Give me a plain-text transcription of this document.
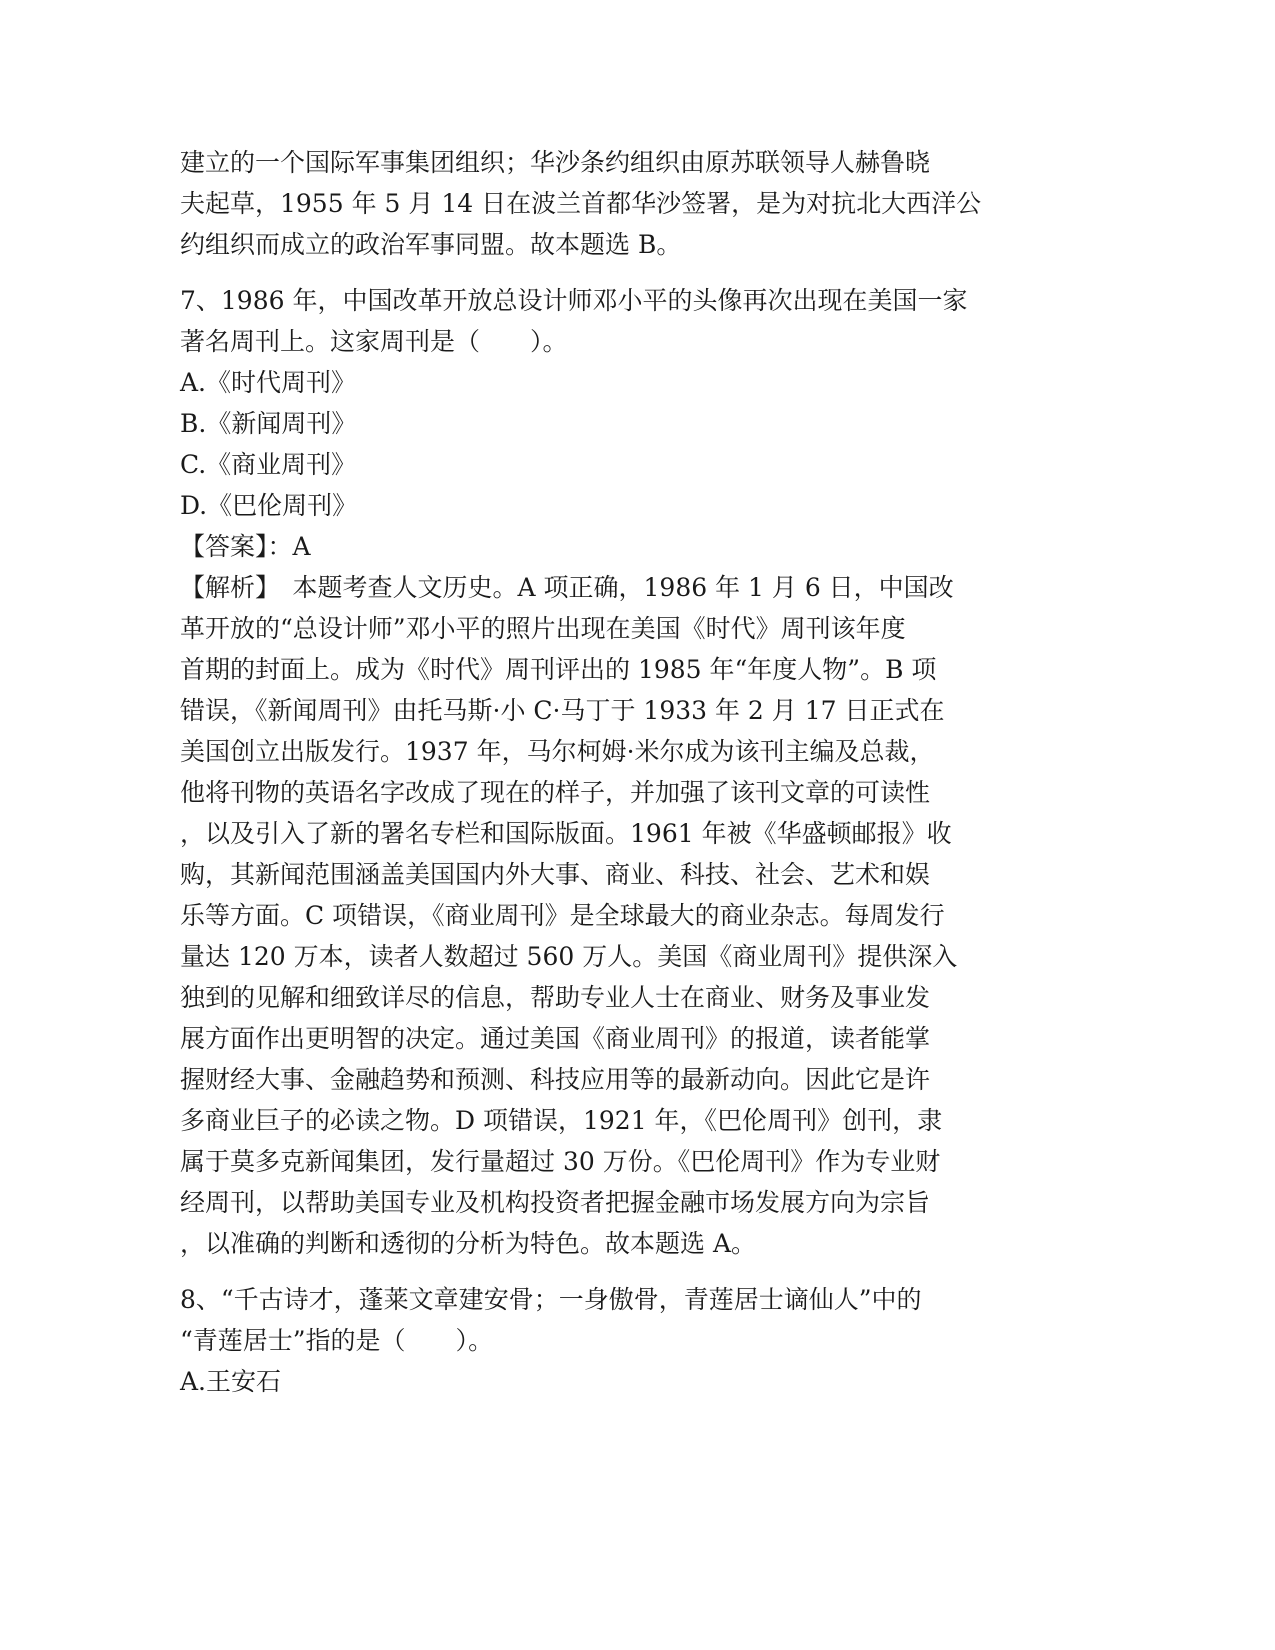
建立的一个国际军事集团组织；华沙条约组织由原苏联领导人赫鲁晓
夫起草，1955 年 5 月 14 日在波兰首都华沙签署，是为对抗北大西洋公
约组织而成立的政治军事同盟。故本题选 B。
7、1986 年，中国改革开放总设计师邓小平的头像再次出现在美国一家
著名周刊上。这家周刊是（　　）。
A.《时代周刊》
B.《新闻周刊》
C.《商业周刊》
D.《巴伦周刊》
【答案】：A
【解析】　本题考查人文历史。A 项正确，1986 年 1 月 6 日，中国改
革开放的“总设计师”邓小平的照片出现在美国《时代》周刊该年度
首期的封面上。成为《时代》周刊评出的 1985 年“年度人物”。B 项
错误，《新闻周刊》由托马斯·小 C·马丁于 1933 年 2 月 17 日正式在
美国创立出版发行。1937 年，马尔柯姆·米尔成为该刊主编及总裁，
他将刊物的英语名字改成了现在的样子，并加强了该刊文章的可读性
，以及引入了新的署名专栏和国际版面。1961 年被《华盛顿邮报》收
购，其新闻范围涵盖美国国内外大事、商业、科技、社会、艺术和娱
乐等方面。C 项错误，《商业周刊》是全球最大的商业杂志。每周发行
量达 120 万本，读者人数超过 560 万人。美国《商业周刊》提供深入
独到的见解和细致详尽的信息，帮助专业人士在商业、财务及事业发
展方面作出更明智的决定。通过美国《商业周刊》的报道，读者能掌
握财经大事、金融趋势和预测、科技应用等的最新动向。因此它是许
多商业巨子的必读之物。D 项错误，1921 年，《巴伦周刊》创刊，隶
属于莫多克新闻集团，发行量超过 30 万份。《巴伦周刊》作为专业财
经周刊，以帮助美国专业及机构投资者把握金融市场发展方向为宗旨
，以准确的判断和透彻的分析为特色。故本题选 A。
8、“千古诗才，蓬莱文章建安骨；一身傲骨，青莲居士谪仙人”中的
“青莲居士”指的是（　　）。
A.王安石
